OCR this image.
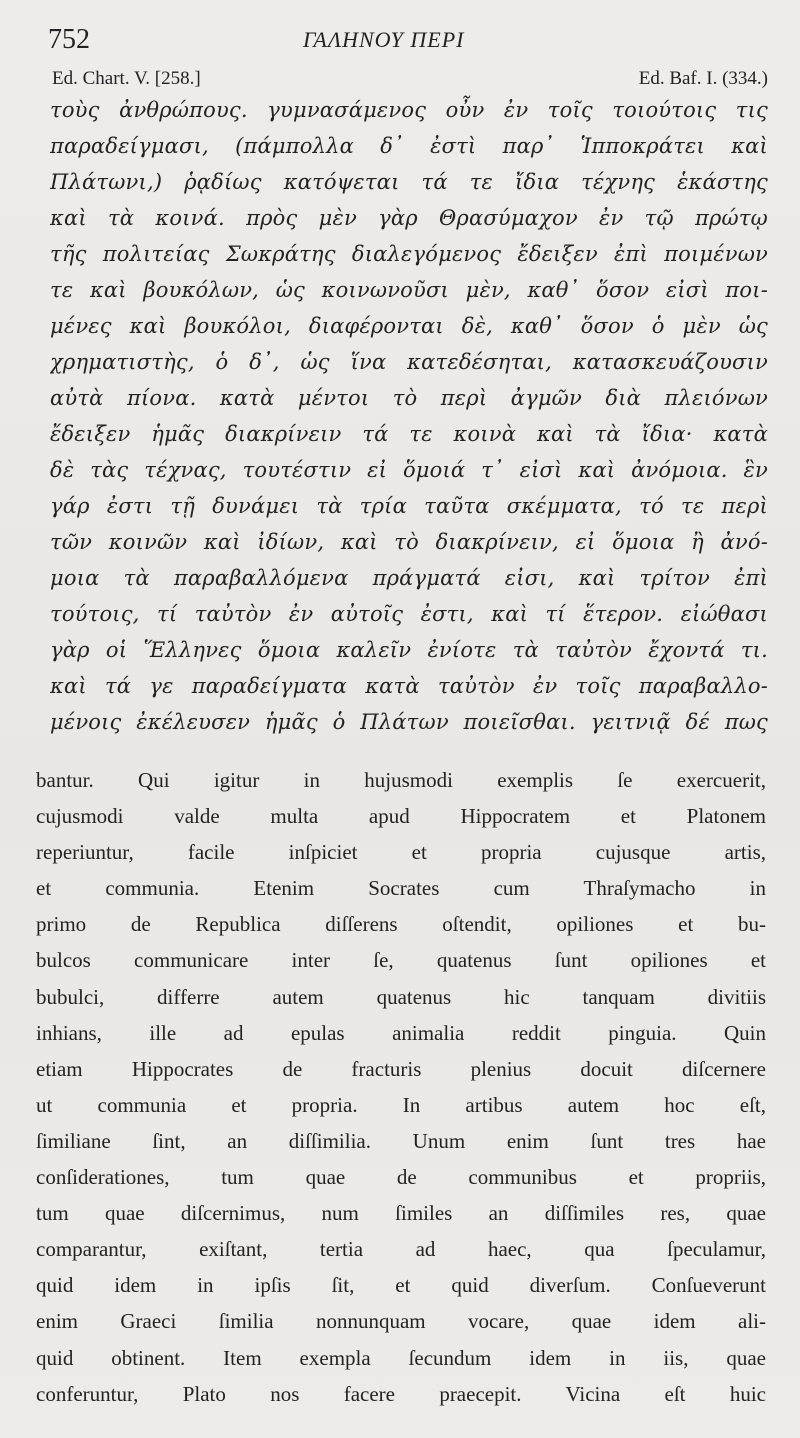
752	ΓΑΛΗΝΟΥ ΠΕΡΙ
Ed. Chart. V. [258.]	Ed. Baf. I. (334.)
τοὺς ἀνθρώπους. γυμνασάμενος οὖν ἐν τοῖς τοιούτοις τις
παραδείγμασι, (πάμπολλα δ᾽ ἐστὶ παρ᾽ Ἱπποκράτει καὶ
Πλάτωνι,) ῥᾳδίως κατόψεται τά τε ἴδια τέχνης ἑκάστης
καὶ τὰ κοινά. πρὸς μὲν γὰρ Θρασύμαχον ἐν τῷ πρώτῳ
τῆς πολιτείας Σωκράτης διαλεγόμενος ἔδειξεν ἐπὶ ποιμένων
τε καὶ βουκόλων, ὡς κοινωνοῦσι μὲν, καθ᾽ ὅσον εἰσὶ ποι-
μένες καὶ βουκόλοι, διαφέρονται δὲ, καθ᾽ ὅσον ὁ μὲν ὡς
χρηματιστὴς, ὁ δ᾽, ὡς ἵνα κατεδέσηται, κατασκευάζουσιν
αὐτὰ πίονα. κατὰ μέντοι τὸ περὶ ἀγμῶν διὰ πλειόνων
ἔδειξεν ἡμᾶς διακρίνειν τά τε κοινὰ καὶ τὰ ἴδια· κατὰ
δὲ τὰς τέχνας, τουτέστιν εἰ ὅμοιά τ᾽ εἰσὶ καὶ ἀνόμοια. ἓν
γάρ ἐστι τῇ δυνάμει τὰ τρία ταῦτα σκέμματα, τό τε περὶ
τῶν κοινῶν καὶ ἰδίων, καὶ τὸ διακρίνειν, εἰ ὅμοια ἢ ἀνό-
μοια τὰ παραβαλλόμενα πράγματά εἰσι, καὶ τρίτον ἐπὶ
τούτοις, τί ταὐτὸν ἐν αὐτοῖς ἐστι, καὶ τί ἕτερον. εἰώθασι
γὰρ οἱ Ἕλληνες ὅμοια καλεῖν ἐνίοτε τὰ ταὐτὸν ἔχοντά τι.
καὶ τά γε παραδείγματα κατὰ ταὐτὸν ἐν τοῖς παραβαλλο-
μένοις ἐκέλευσεν ἡμᾶς ὁ Πλάτων ποιεῖσθαι. γειτνιᾷ δέ πως
bantur. Qui igitur in hujusmodi exemplis ſe exercuerit,
cujusmodi valde multa apud Hippocratem et Platonem
reperiuntur, facile inſpiciet et propria cujusque artis,
et communia. Etenim Socrates cum Thraſymacho in
primo de Republica diſſerens oſtendit, opiliones et bu-
bulcos communicare inter ſe, quatenus ſunt opiliones et
bubulci, differre autem quatenus hic tanquam divitiis
inhians, ille ad epulas animalia reddit pinguia. Quin
etiam Hippocrates de fracturis plenius docuit diſcernere
ut communia et propria. In artibus autem hoc eſt,
ſimiliane ſint, an diſſimilia. Unum enim ſunt tres hae
conſiderationes, tum quae de communibus et propriis,
tum quae diſcernimus, num ſimiles an diſſimiles res, quae
comparantur, exiſtant, tertia ad haec, qua ſpeculamur,
quid idem in ipſis ſit, et quid diverſum. Conſueverunt
enim Graeci ſimilia nonnunquam vocare, quae idem ali-
quid obtinent. Item exempla ſecundum idem in iis, quae
conferuntur, Plato nos facere praecepit. Vicina eſt huic
